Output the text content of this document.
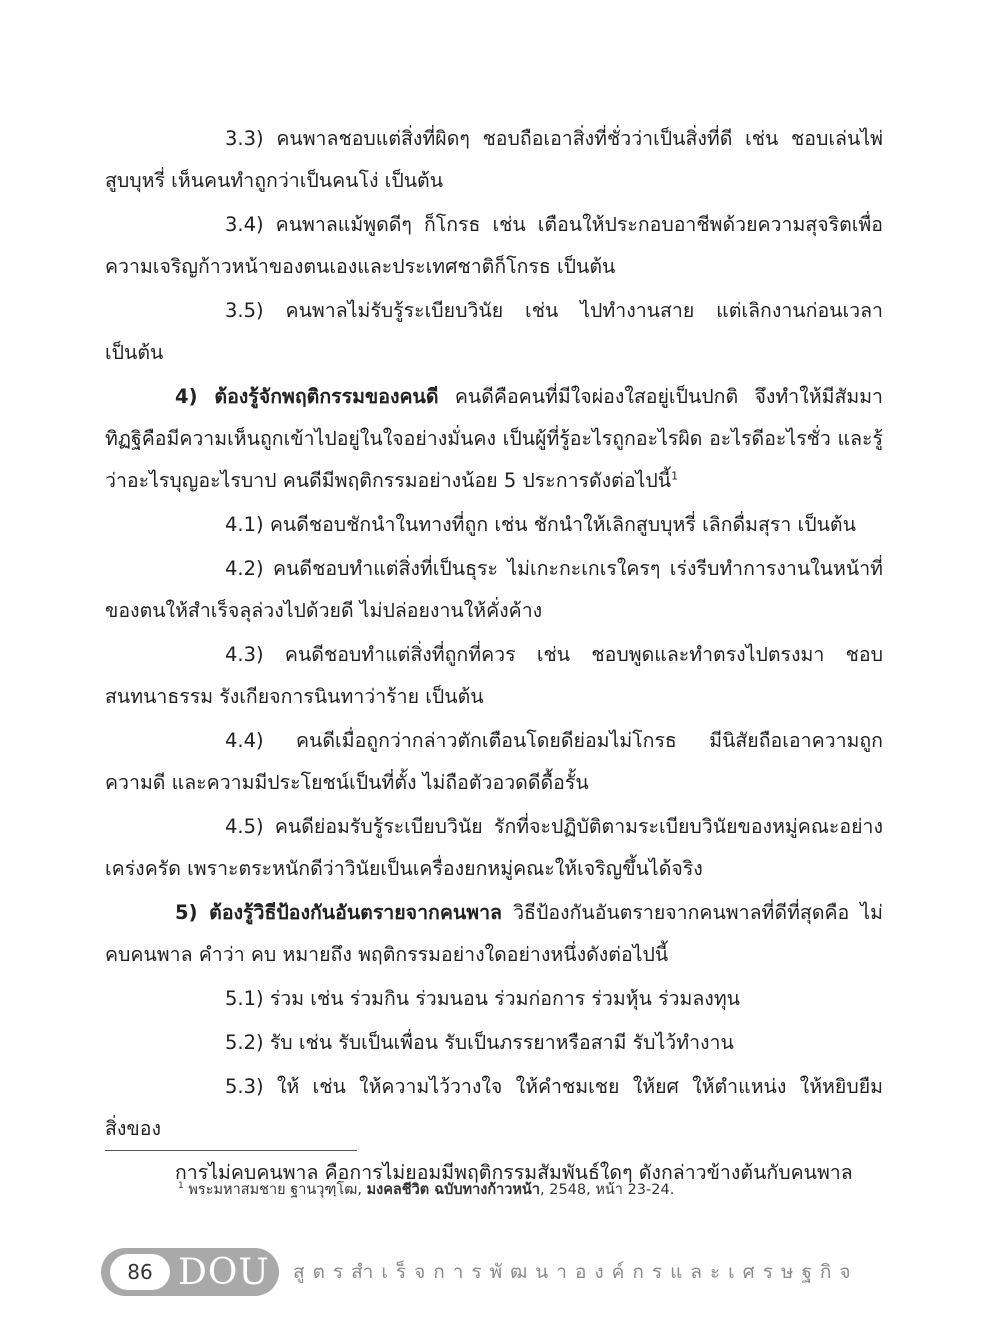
3.3) คนพาลชอบแต่สิ่งที่ผิดๆ ชอบถือเอาสิ่งที่ชั่วว่าเป็นสิ่งที่ดี เช่น ชอบเล่นไพ่ สูบบุหรี่ เห็นคนทำถูกว่าเป็นคนโง่ เป็นต้น

3.4) คนพาลแม้พูดดีๆ ก็โกรธ เช่น เตือนให้ประกอบอาชีพด้วยความสุจริตเพื่อความเจริญก้าวหน้าของตนเองและประเทศชาติก็โกรธ เป็นต้น

3.5) คนพาลไม่รับรู้ระเบียบวินัย เช่น ไปทำงานสาย แต่เลิกงานก่อนเวลา เป็นต้น

4) ต้องรู้จักพฤติกรรมของคนดี คนดีคือคนที่มีใจผ่องใสอยู่เป็นปกติ จึงทำให้มีสัมมาทิฏฐิคือมีความเห็นถูกเข้าไปอยู่ในใจอย่างมั่นคง เป็นผู้ที่รู้อะไรถูกอะไรผิด อะไรดีอะไรชั่ว และรู้ว่าอะไรบุญอะไรบาป คนดีมีพฤติกรรมอย่างน้อย 5 ประการดังต่อไปนี้$^1$

4.1) คนดีชอบชักนำในทางที่ถูก เช่น ชักนำให้เลิกสูบบุหรี่ เลิกดื่มสุรา เป็นต้น

4.2) คนดีชอบทำแต่สิ่งที่เป็นธุระ ไม่เกะกะเกเรใครๆ เร่งรีบทำการงานในหน้าที่ของตนให้สำเร็จลุล่วงไปด้วยดี ไม่ปล่อยงานให้คั่งค้าง

4.3) คนดีชอบทำแต่สิ่งที่ถูกที่ควร เช่น ชอบพูดและทำตรงไปตรงมา ชอบสนทนาธรรม รังเกียจการนินทาว่าร้าย เป็นต้น

4.4) คนดีเมื่อถูกว่ากล่าวตักเตือนโดยดีย่อมไม่โกรธ มีนิสัยถือเอาความถูก ความดี และความมีประโยชน์เป็นที่ตั้ง ไม่ถือตัวอวดดีดื้อรั้น

4.5) คนดีย่อมรับรู้ระเบียบวินัย รักที่จะปฏิบัติตามระเบียบวินัยของหมู่คณะอย่างเคร่งครัด เพราะตระหนักดีว่าวินัยเป็นเครื่องยกหมู่คณะให้เจริญขึ้นได้จริง

5) ต้องรู้วิธีป้องกันอันตรายจากคนพาล วิธีป้องกันอันตรายจากคนพาลที่ดีที่สุดคือ ไม่คบคนพาล คำว่า คบ หมายถึง พฤติกรรมอย่างใดอย่างหนึ่งดังต่อไปนี้

5.1) ร่วม เช่น ร่วมกิน ร่วมนอน ร่วมก่อการ ร่วมหุ้น ร่วมลงทุน

5.2) รับ เช่น รับเป็นเพื่อน รับเป็นภรรยาหรือสามี รับไว้ทำงาน

5.3) ให้ เช่น ให้ความไว้วางใจ ให้คำชมเชย ให้ยศ ให้ตำแหน่ง ให้หยิบยืมสิ่งของ

การไม่คบคนพาล คือการไม่ยอมมีพฤติกรรมสัมพันธ์ใดๆ ดังกล่าวข้างต้นกับคนพาล

$^1$ พระมหาสมชาย ฐานวุฑฺโฒ, มงคลชีวิต ฉบับทางก้าวหน้า, 2548, หน้า 23-24.
86 DOU สูตรสำเร็จการพัฒนาองค์กรและเศรษฐกิจ
